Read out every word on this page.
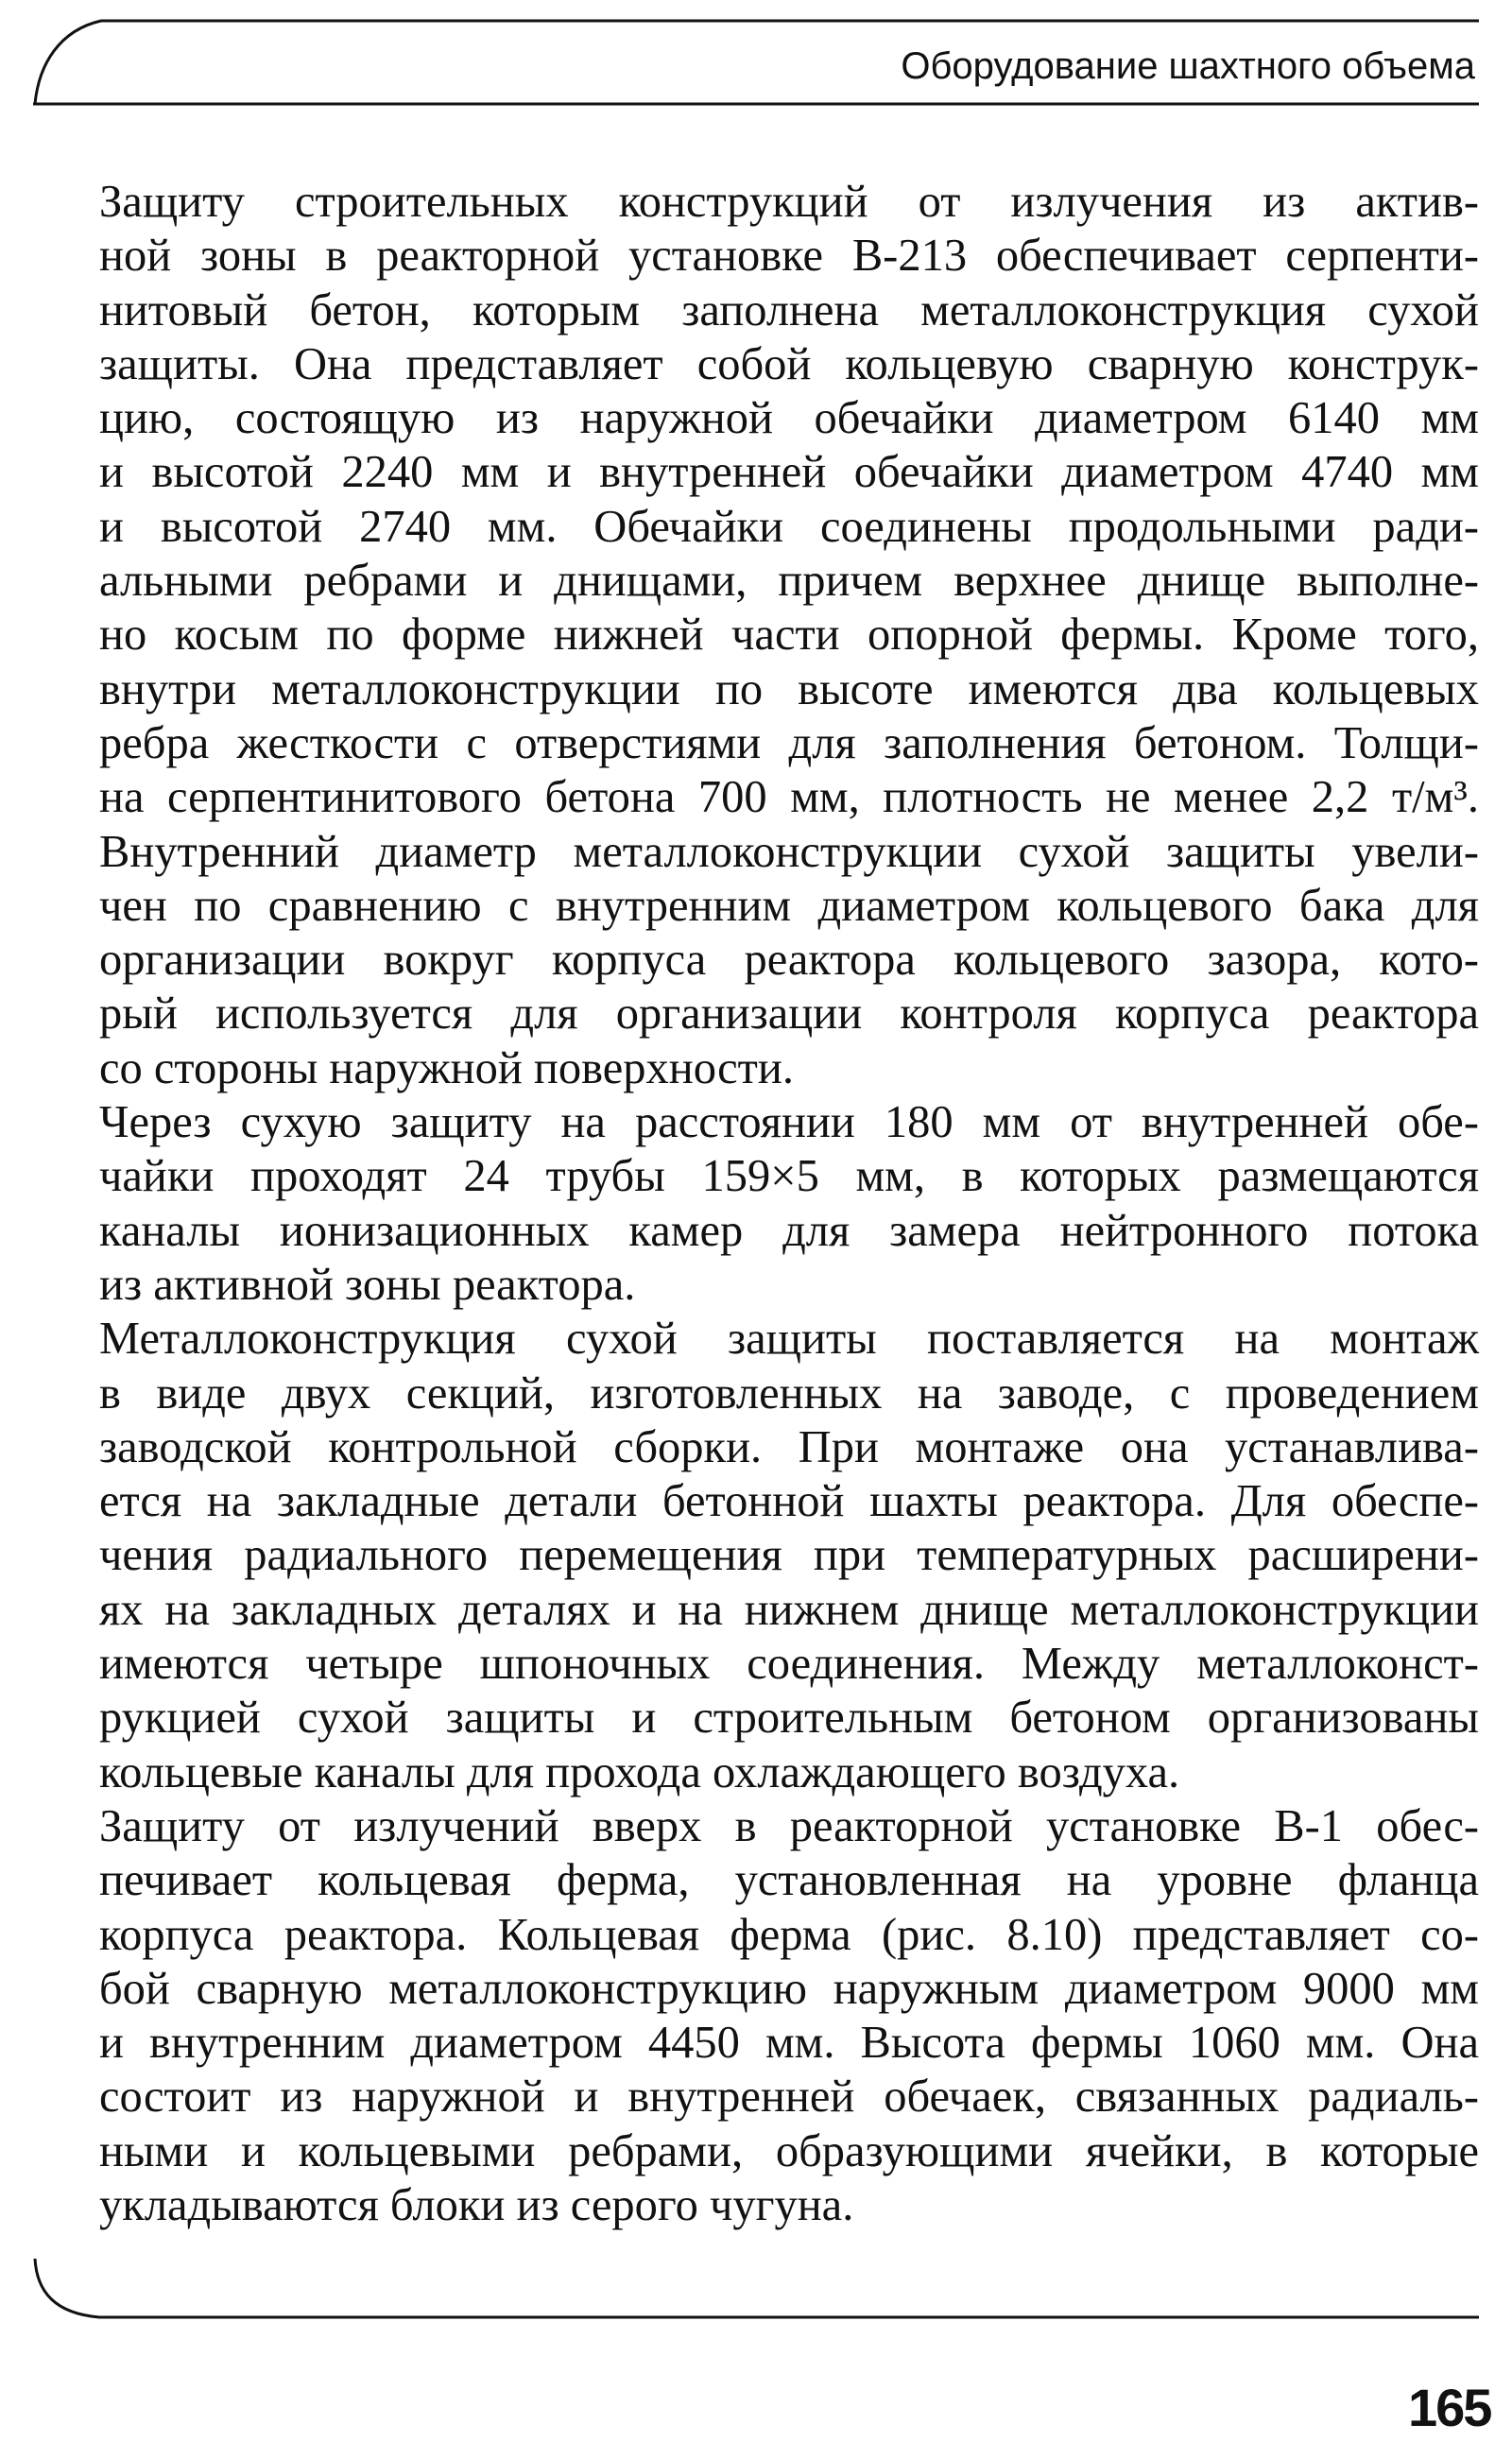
Оборудование шахтного объема
Защиту строительных конструкций от излучения из актив-
ной зоны в реакторной установке В-213 обеспечивает серпенти-
нитовый бетон, которым заполнена металлоконструкция сухой
защиты. Она представляет собой кольцевую сварную конструк-
цию, состоящую из наружной обечайки диаметром 6140 мм
и высотой 2240 мм и внутренней обечайки диаметром 4740 мм
и высотой 2740 мм. Обечайки соединены продольными ради-
альными ребрами и днищами, причем верхнее днище выполне-
но косым по форме нижней части опорной фермы. Кроме того,
внутри металлоконструкции по высоте имеются два кольцевых
ребра жесткости с отверстиями для заполнения бетоном. Толщи-
на серпентинитового бетона 700 мм, плотность не менее 2,2 т/м³.
Внутренний диаметр металлоконструкции сухой защиты увели-
чен по сравнению с внутренним диаметром кольцевого бака для
организации вокруг корпуса реактора кольцевого зазора, кото-
рый используется для организации контроля корпуса реактора
со стороны наружной поверхности.
Через сухую защиту на расстоянии 180 мм от внутренней обе-
чайки проходят 24 трубы 159×5 мм, в которых размещаются
каналы ионизационных камер для замера нейтронного потока
из активной зоны реактора.
Металлоконструкция сухой защиты поставляется на монтаж
в виде двух секций, изготовленных на заводе, с проведением
заводской контрольной сборки. При монтаже она устанавлива-
ется на закладные детали бетонной шахты реактора. Для обеспе-
чения радиального перемещения при температурных расширени-
ях на закладных деталях и на нижнем днище металлоконструкции
имеются четыре шпоночных соединения. Между металлоконст-
рукцией сухой защиты и строительным бетоном организованы
кольцевые каналы для прохода охлаждающего воздуха.
Защиту от излучений вверх в реакторной установке В-1 обес-
печивает кольцевая ферма, установленная на уровне фланца
корпуса реактора. Кольцевая ферма (рис. 8.10) представляет со-
бой сварную металлоконструкцию наружным диаметром 9000 мм
и внутренним диаметром 4450 мм. Высота фермы 1060 мм. Она
состоит из наружной и внутренней обечаек, связанных радиаль-
ными и кольцевыми ребрами, образующими ячейки, в которые
укладываются блоки из серого чугуна.
165
